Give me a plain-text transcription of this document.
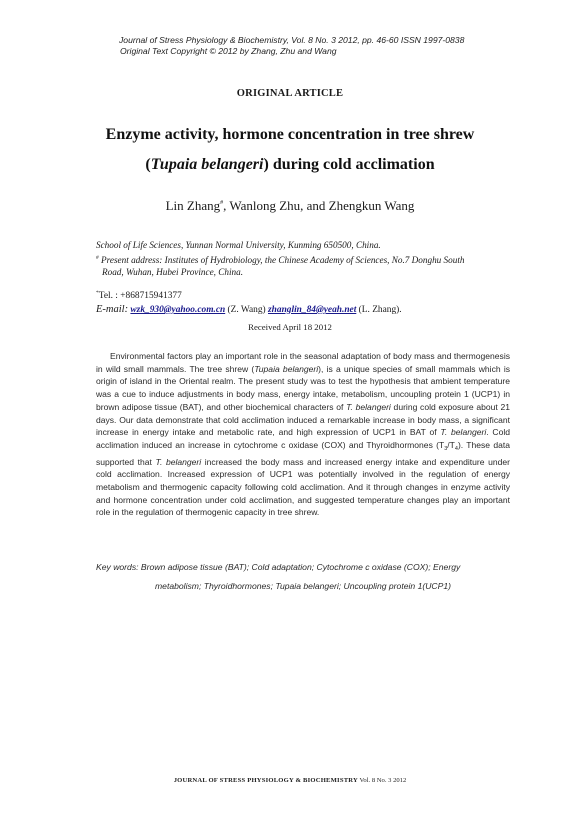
Journal of Stress Physiology & Biochemistry, Vol. 8 No. 3 2012, pp. 46-60 ISSN 1997-0838
Original Text Copyright © 2012 by Zhang, Zhu and Wang
ORIGINAL ARTICLE
Enzyme activity, hormone concentration in tree shrew (Tupaia belangeri) during cold acclimation
Lin Zhang#, Wanlong Zhu, and Zhengkun Wang
School of Life Sciences, Yunnan Normal University, Kunming 650500, China.
# Present address: Institutes of Hydrobiology, the Chinese Academy of Sciences, No.7 Donghu South
Road, Wuhan, Hubei Province, China.
*Tel. : +868715941377
E-mail: wzk_930@yahoo.com.cn (Z. Wang) zhanglin_84@yeah.net (L. Zhang).
Received April 18 2012
Environmental factors play an important role in the seasonal adaptation of body mass and thermogenesis in wild small mammals. The tree shrew (Tupaia belangeri), is a unique species of small mammals which is origin of island in the Oriental realm. The present study was to test the hypothesis that ambient temperature was a cue to induce adjustments in body mass, energy intake, metabolism, uncoupling protein 1 (UCP1) in brown adipose tissue (BAT), and other biochemical characters of T. belangeri during cold exposure about 21 days. Our data demonstrate that cold acclimation induced a remarkable increase in body mass, a significant increase in energy intake and metabolic rate, and high expression of UCP1 in BAT of T. belangeri. Cold acclimation induced an increase in cytochrome c oxidase (COX) and Thyroidhormones $(T_3/T_4)$. These data supported that T. belangeri increased the body mass and increased energy intake and expenditure under cold acclimation. Increased expression of UCP1 was potentially involved in the regulation of energy metabolism and thermogenic capacity following cold acclimation. And it through changes in enzyme activity and hormone concentration under cold acclimation, and suggested temperature changes play an important role in the regulation of thermogenic capacity in tree shrew.
Key words: Brown adipose tissue (BAT); Cold adaptation; Cytochrome c oxidase (COX); Energy
metabolism; Thyroidhormones; Tupaia belangeri; Uncoupling protein 1(UCP1)
JOURNAL OF STRESS PHYSIOLOGY & BIOCHEMISTRY Vol. 8 No. 3 2012
